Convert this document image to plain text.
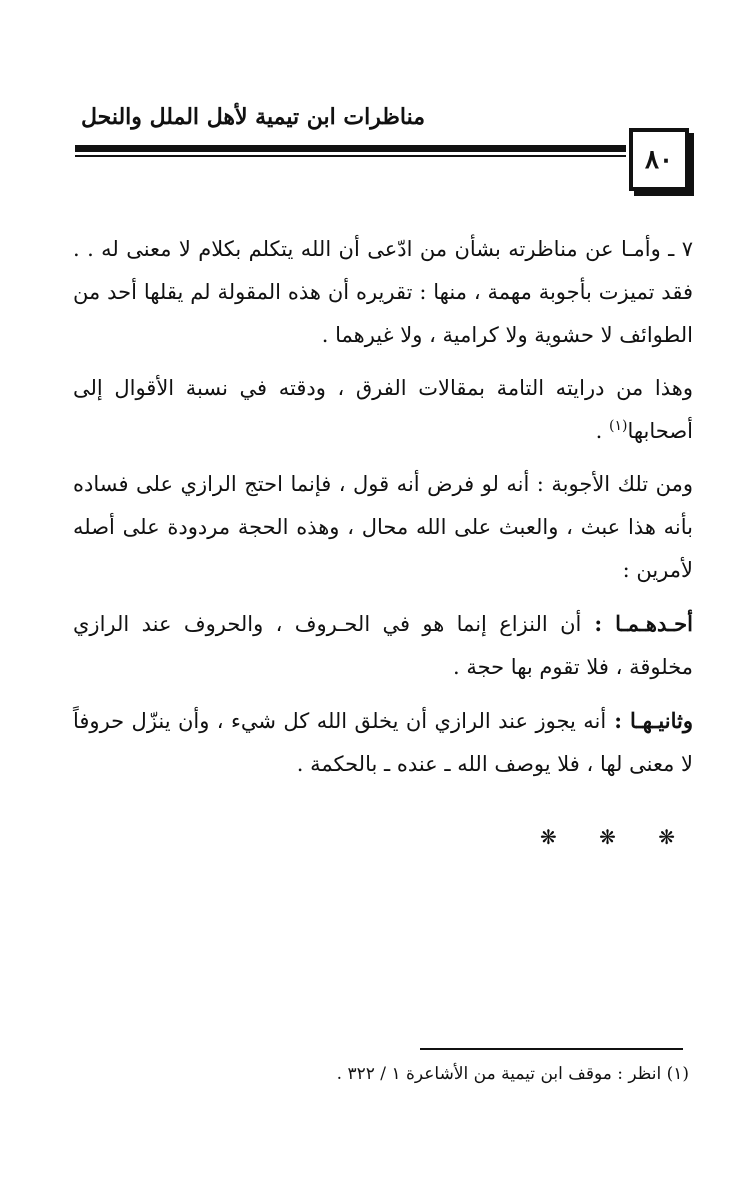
مناظرات ابن تيمية لأهل الملل والنحل
٨٠

٧ ـ وأمـا عن مناظرته بشأن من ادّعى أن الله يتكلم بكلام لا معنى له . . فقد تميزت بأجوبة مهمة ، منها : تقريره أن هذه المقولة لم يقلها أحد من الطوائف لا حشوية ولا كرامية ، ولا غيرهما .

وهذا من درايته التامة بمقالات الفرق ، ودقته في نسبة الأقوال إلى أصحابها$^{(١)}$ .

ومن تلك الأجوبة : أنه لو فرض أنه قول ، فإنما احتج الرازي على فساده بأنه هذا عبث ، والعبث على الله محال ، وهذه الحجة مردودة على أصله لأمرين :

أحـدهـمـا : أن النزاع إنما هو في الحـروف ، والحروف عند الرازي مخلوقة ، فلا تقوم بها حجة .

وثانيـهـا : أنه يجوز عند الرازي أن يخلق الله كل شيء ، وأن ينزّل حروفاً لا معنى لها ، فلا يوصف الله ـ عنده ـ بالحكمة .

❋ ❋ ❋
(١) انظر : موقف ابن تيمية من الأشاعرة ١ / ٣٢٢ .
